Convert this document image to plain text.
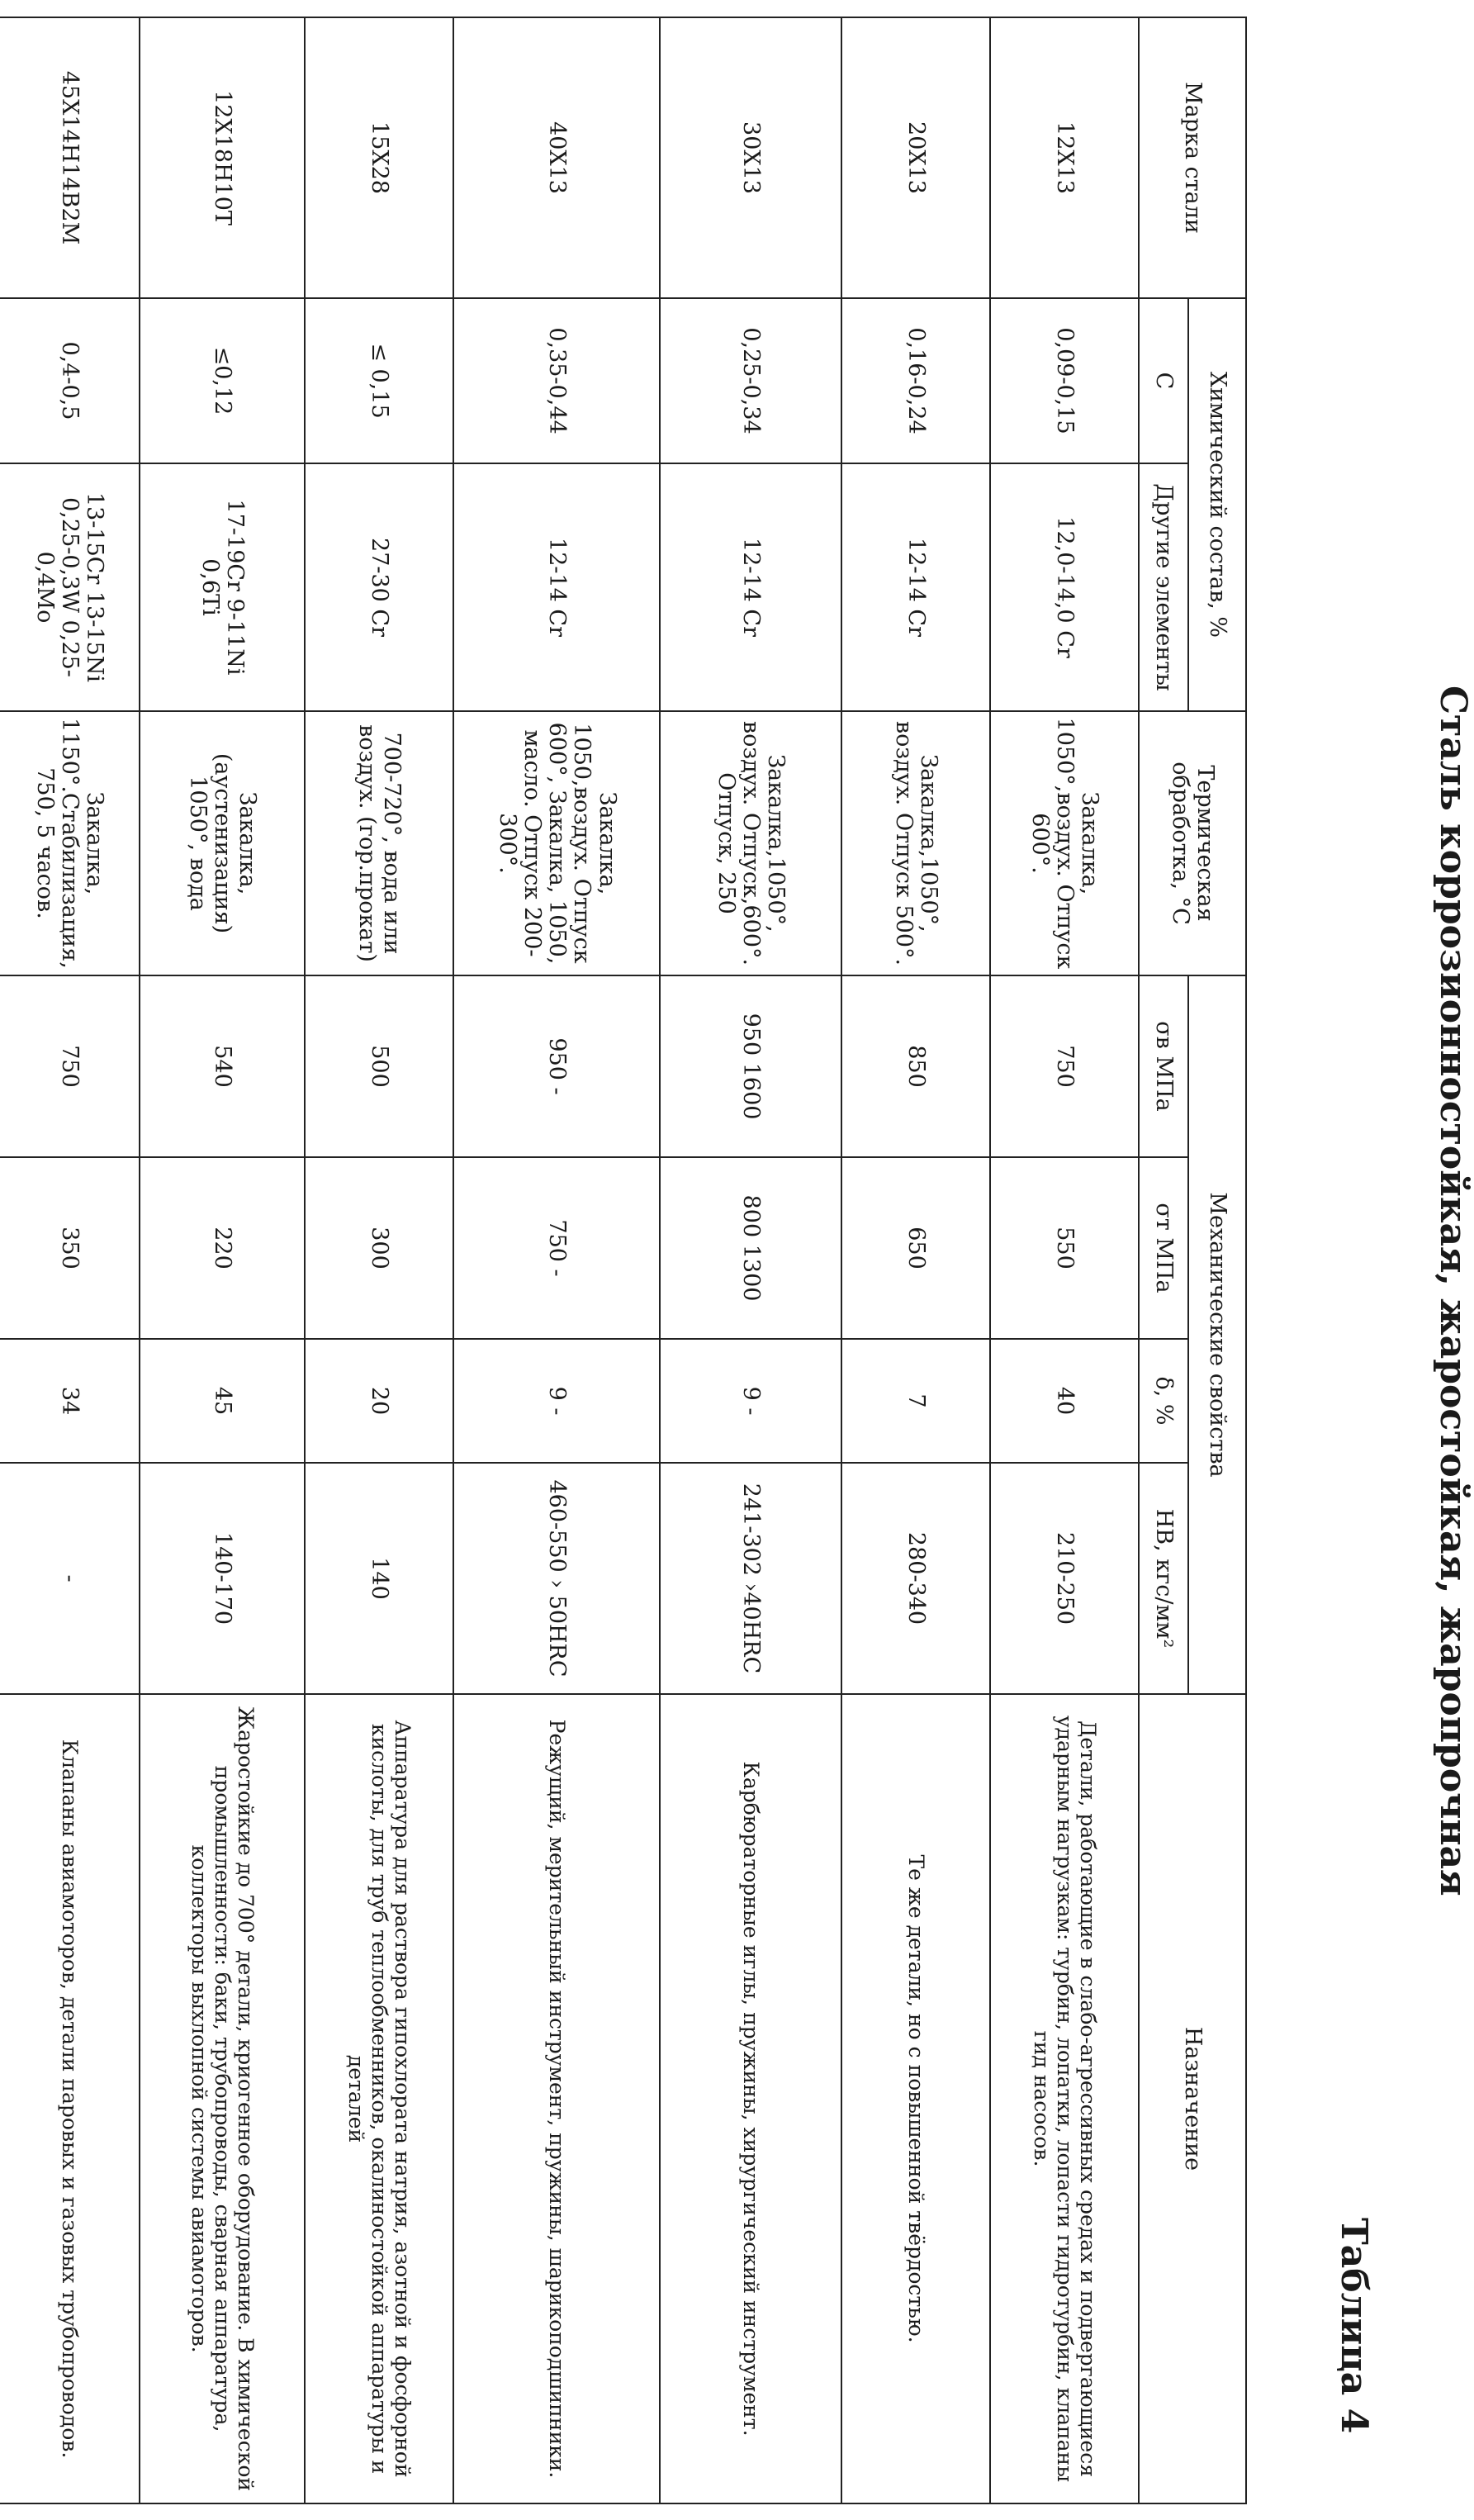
Сталь коррозионностойкая, жаростойкая, жаропрочная
Таблица 4
Марка стали	Химический состав, %		Термическая обработка, °С	Механические свойства				Назначение
	C	Другие элементы		σв МПа	σт МПа	δ, %	HB, кгс/мм²	
12Х13	0,09-0,15	12,0-14,0 Cr	Закалка, 1050°,воздух. Отпуск 600°.	750	550	40	210-250	Детали, работающие в слабо-агрессивных средах и подвергающиеся ударным нагрузкам: турбин, лопатки, лопасти гидротурбин, клапаны гид насосов.
20Х13	0,16-0,24	12-14 Cr	Закалка,1050°, воздух. Отпуск 500°.	850	650	7	280-340	Те же детали, но с повышенной твёрдостью.
30Х13	0,25-0,34	12-14 Cr	Закалка,1050°, воздух. Отпуск,600°. Отпуск, 250	950 1600	800 1300	9 -	241-302 ›40HRC	Карбюраторные иглы, пружины, хирургический инструмент.
40Х13	0,35-0,44	12-14 Cr	Закалка, 1050,воздух. Отпуск 600°, Закалка, 1050, масло. Отпуск 200-300°.	950 -	750 -	9 -	460-550 › 50HRC	Режущий, мерительный инструмент, пружины, шарикоподшипники.
15Х28	≤ 0,15	27-30 Cr	700-720°, вода или воздух. (гор.прокат)	500	300	20	140	Аппаратура для раствора гипохлората натрия, азотной и фосфорной кислоты, для труб теплообменников, окалиностойкой аппаратуры и деталей
12Х18Н10Т	≤0,12	17-19Cr 9-11Ni 0,6Ti	Закалка, (аустенизация) 1050°, вода	540	220	45	140-170	Жаростойкие до 700° детали, криогенное оборудование. В химической промышленности: баки, трубопроводы, сварная аппаратура, коллекторы выхлопной системы авиамоторов.
45Х14Н14В2М	0,4-0,5	13-15Cr 13-15Ni 0,25-0,3W 0,25-0,4Mo	Закалка, 1150°.Стабилизация, 750, 5 часов.	750	350	34	-	Клапаны авиамоторов, детали паровых и газовых трубопроводов.
